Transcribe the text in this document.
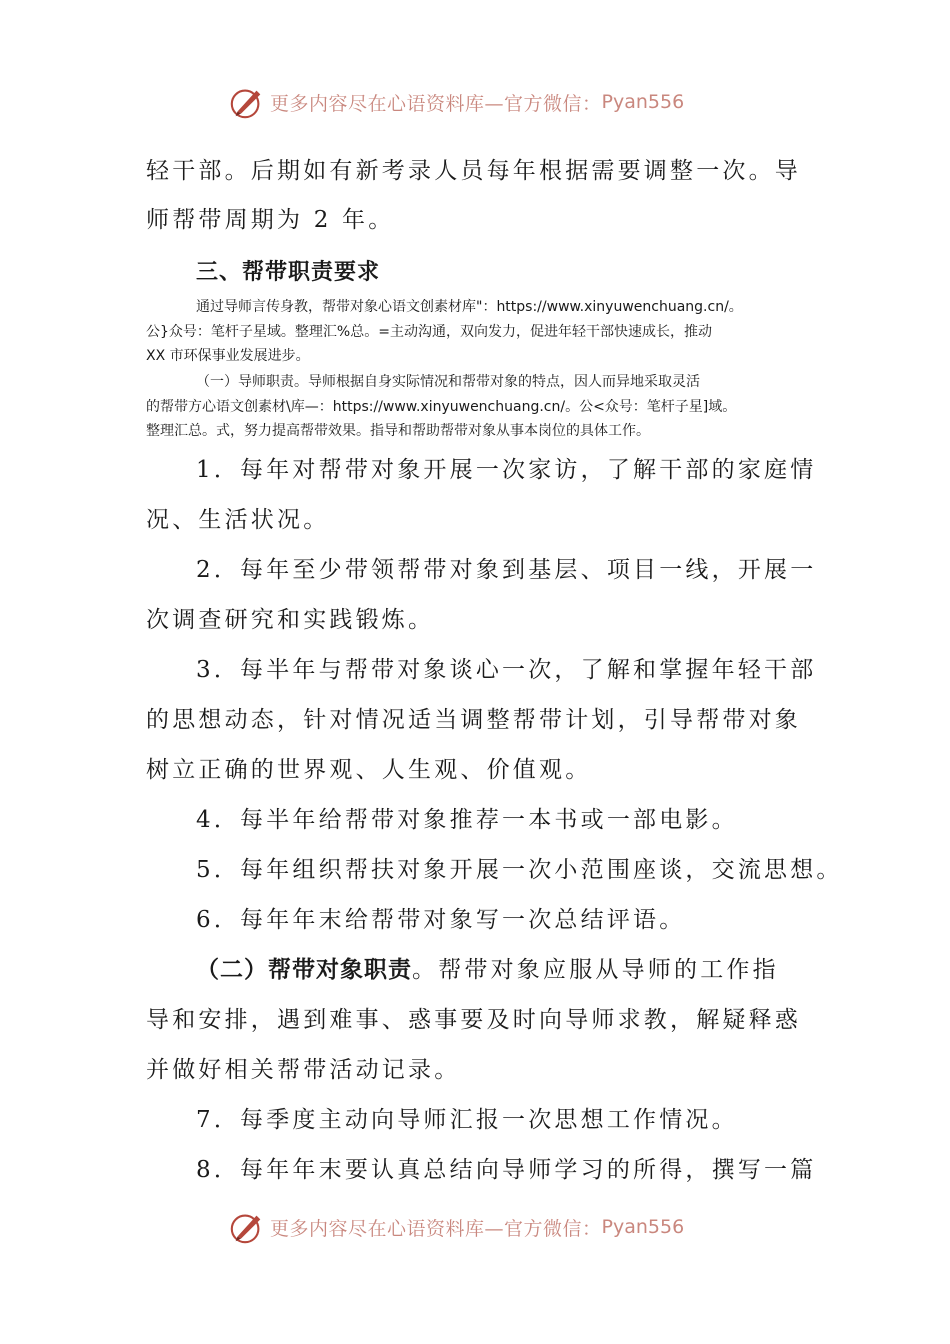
更多内容尽在心语资料库—官方微信： Pyan556
轻干部。后期如有新考录人员每年根据需要调整一次。导
师帮带周期为 2 年。
三、帮带职责要求
通过导师言传身教，帮带对象心语文创素材库"：https://www.xinyuwenchuang.cn/。
公}众号：笔杆子星域。整理汇%总。=主动沟通，双向发力，促进年轻干部快速成长，推动
XX 市环保事业发展进步。
（一）导师职责。导师根据自身实际情况和帮带对象的特点，因人而异地采取灵活
的帮带方心语文创素材\库—：https://www.xinyuwenchuang.cn/。公<众号：笔杆子星]域。
整理汇总。式，努力提高帮带效果。指导和帮助帮带对象从事本岗位的具体工作。
1．每年对帮带对象开展一次家访，了解干部的家庭情
况、生活状况。
2．每年至少带领帮带对象到基层、项目一线，开展一
次调查研究和实践锻炼。
3．每半年与帮带对象谈心一次，了解和掌握年轻干部
的思想动态，针对情况适当调整帮带计划，引导帮带对象
树立正确的世界观、人生观、价值观。
4．每半年给帮带对象推荐一本书或一部电影。
5．每年组织帮扶对象开展一次小范围座谈，交流思想。
6．每年年末给帮带对象写一次总结评语。
（二）帮带对象职责。帮带对象应服从导师的工作指
导和安排，遇到难事、惑事要及时向导师求教，解疑释惑
并做好相关帮带活动记录。
7．每季度主动向导师汇报一次思想工作情况。
8．每年年末要认真总结向导师学习的所得，撰写一篇
更多内容尽在心语资料库—官方微信： Pyan556
